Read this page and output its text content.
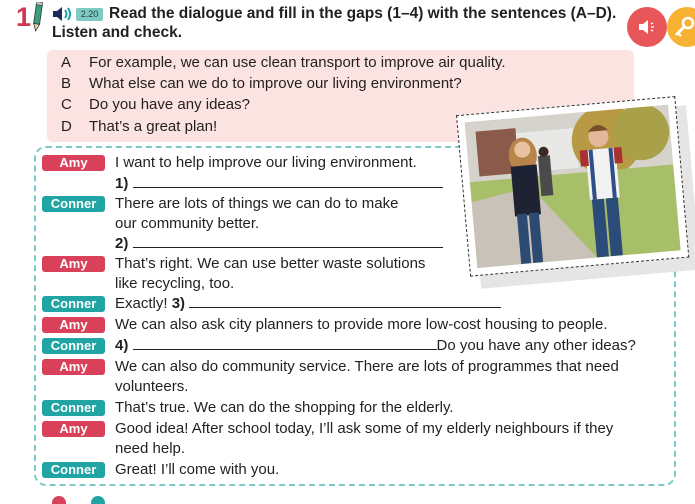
1	2.20 Read the dialogue and fill in the gaps (1–4) with the sentences (A–D).
Listen and check.
A For example, we can use clean transport to improve air quality.
B What else can we do to improve our living environment?
C Do you have any ideas?
D That’s a great plan!
Amy	I want to help improve our living environment.
1)
Conner	There are lots of things we can do to make
our community better.
2)
Amy	That’s right. We can use better waste solutions
like recycling, too.
Conner	Exactly! 3)
Amy	We can also ask city planners to provide more low-cost housing to people.
Conner	4)	Do you have any other ideas?
Amy	We can also do community service. There are lots of programmes that need
volunteers.
Conner	That’s true. We can do the shopping for the elderly.
Amy	Good idea! After school today, I’ll ask some of my elderly neighbours if they
need help.
Conner	Great! I’ll come with you.
